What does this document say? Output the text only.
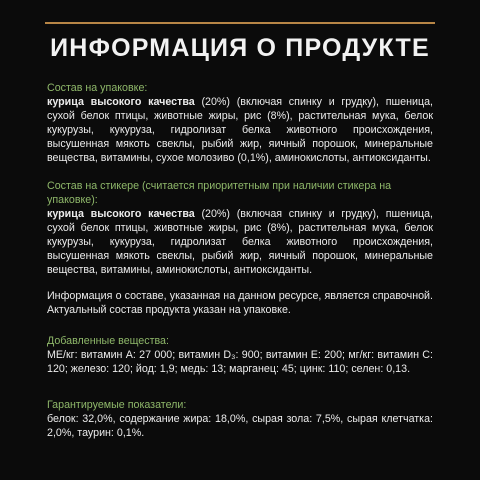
ИНФОРМАЦИЯ О ПРОДУКТЕ
Состав на упаковке:
курица высокого качества (20%) (включая спинку и грудку), пшеница, сухой белок птицы, животные жиры, рис (8%), растительная мука, белок кукурузы, кукуруза, гидролизат белка животного происхождения, высушенная мякоть свеклы, рыбий жир, яичный порошок, минеральные вещества, витамины, сухое молозиво (0,1%), аминокислоты, антиоксиданты.
Состав на стикере (считается приоритетным при наличии стикера на упаковке):
курица высокого качества (20%) (включая спинку и грудку), пшеница, сухой белок птицы, животные жиры, рис (8%), растительная мука, белок кукурузы, кукуруза, гидролизат белка животного происхождения, высушенная мякоть свеклы, рыбий жир, яичный порошок, минеральные вещества, витамины, аминокислоты, антиоксиданты.
Информация о составе, указанная на данном ресурсе, является справочной. Актуальный состав продукта указан на упаковке.
Добавленные вещества:
МЕ/кг: витамин A: 27 000; витамин D₃: 900; витамин E: 200; мг/кг: витамин C: 120; железо: 120; йод: 1,9; медь: 13; марганец: 45; цинк: 110; селен: 0,13.
Гарантируемые показатели:
белок: 32,0%, содержание жира: 18,0%, сырая зола: 7,5%, сырая клетчатка: 2,0%, таурин: 0,1%.
